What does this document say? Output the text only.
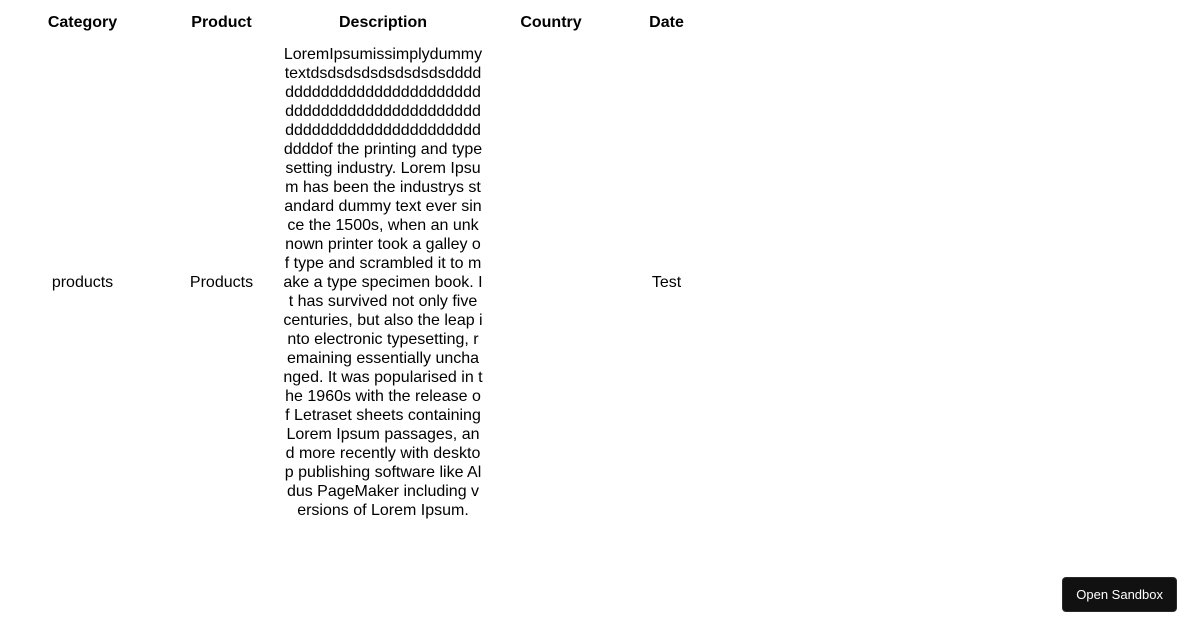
Category	Product	Description	Country	Date
products	Products	LoremIpsumissimplydummytextdsdsdsdsdsdsdsdsddddddddddddddddddddddddddddddddddddddddddddddddddddddddddddddddddddddddddof the printing and typesetting industry. Lorem Ipsum has been the industrys standard dummy text ever since the 1500s, when an unknown printer took a galley of type and scrambled it to make a type specimen book. It has survived not only five centuries, but also the leap into electronic typesetting, remaining essentially unchanged. It was popularised in the 1960s with the release of Letraset sheets containing Lorem Ipsum passages, and more recently with desktop publishing software like Aldus PageMaker including versions of Lorem Ipsum.		Test
Open Sandbox
